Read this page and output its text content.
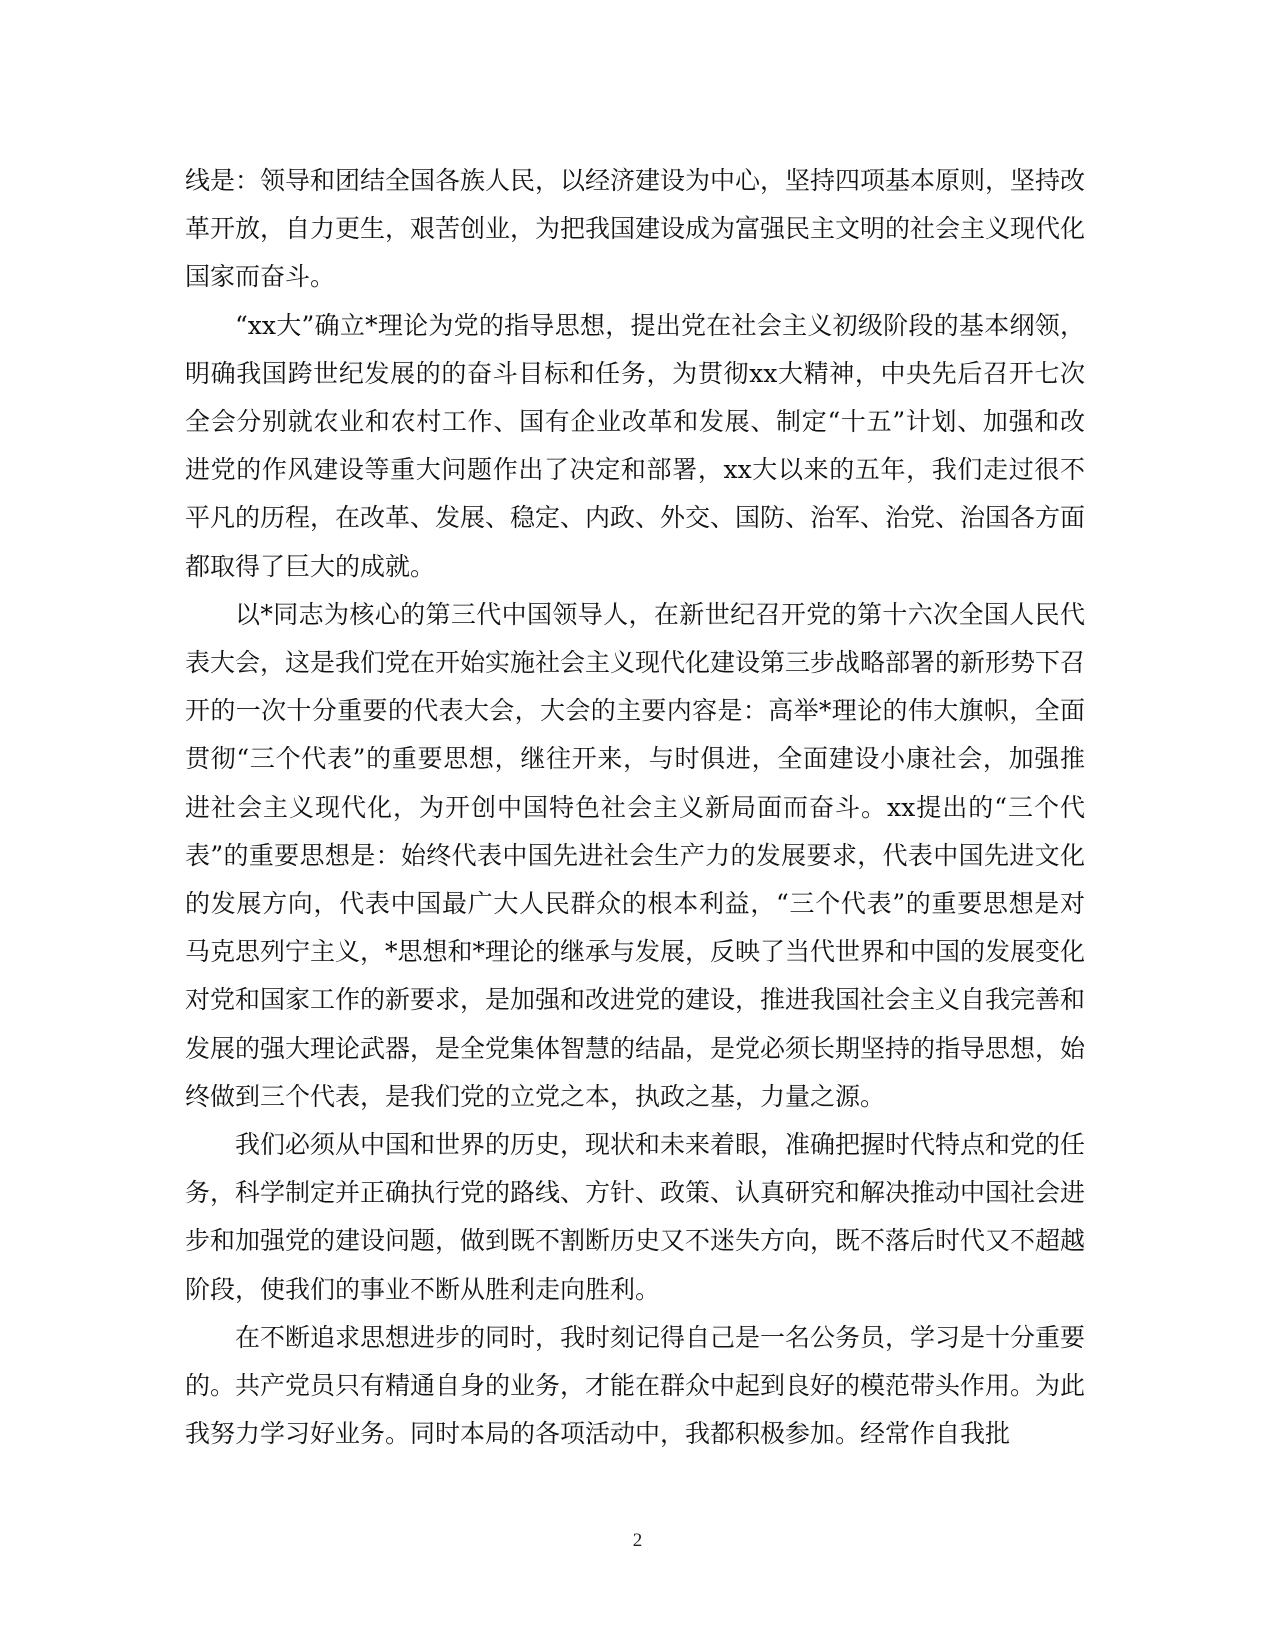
线是：领导和团结全国各族人民，以经济建设为中心，坚持四项基本原则，坚持改革开放，自力更生，艰苦创业，为把我国建设成为富强民主文明的社会主义现代化国家而奋斗。

“xx大”确立*理论为党的指导思想，提出党在社会主义初级阶段的基本纲领，明确我国跨世纪发展的的奋斗目标和任务，为贯彻xx大精神，中央先后召开七次全会分别就农业和农村工作、国有企业改革和发展、制定“十五”计划、加强和改进党的作风建设等重大问题作出了决定和部署，xx大以来的五年，我们走过很不平凡的历程，在改革、发展、稳定、内政、外交、国防、治军、治党、治国各方面都取得了巨大的成就。

以*同志为核心的第三代中国领导人，在新世纪召开党的第十六次全国人民代表大会，这是我们党在开始实施社会主义现代化建设第三步战略部署的新形势下召开的一次十分重要的代表大会，大会的主要内容是：高举*理论的伟大旗帜，全面贯彻“三个代表”的重要思想，继往开来，与时俱进，全面建设小康社会，加强推进社会主义现代化，为开创中国特色社会主义新局面而奋斗。xx提出的“三个代表”的重要思想是：始终代表中国先进社会生产力的发展要求，代表中国先进文化的发展方向，代表中国最广大人民群众的根本利益，“三个代表”的重要思想是对马克思列宁主义，*思想和*理论的继承与发展，反映了当代世界和中国的发展变化对党和国家工作的新要求，是加强和改进党的建设，推进我国社会主义自我完善和发展的强大理论武器，是全党集体智慧的结晶，是党必须长期坚持的指导思想，始终做到三个代表，是我们党的立党之本，执政之基，力量之源。

我们必须从中国和世界的历史，现状和未来着眼，准确把握时代特点和党的任务，科学制定并正确执行党的路线、方针、政策、认真研究和解决推动中国社会进步和加强党的建设问题，做到既不割断历史又不迷失方向，既不落后时代又不超越阶段，使我们的事业不断从胜利走向胜利。

在不断追求思想进步的同时，我时刻记得自己是一名公务员，学习是十分重要的。共产党员只有精通自身的业务，才能在群众中起到良好的模范带头作用。为此我努力学习好业务。同时本局的各项活动中，我都积极参加。经常作自我批

2
